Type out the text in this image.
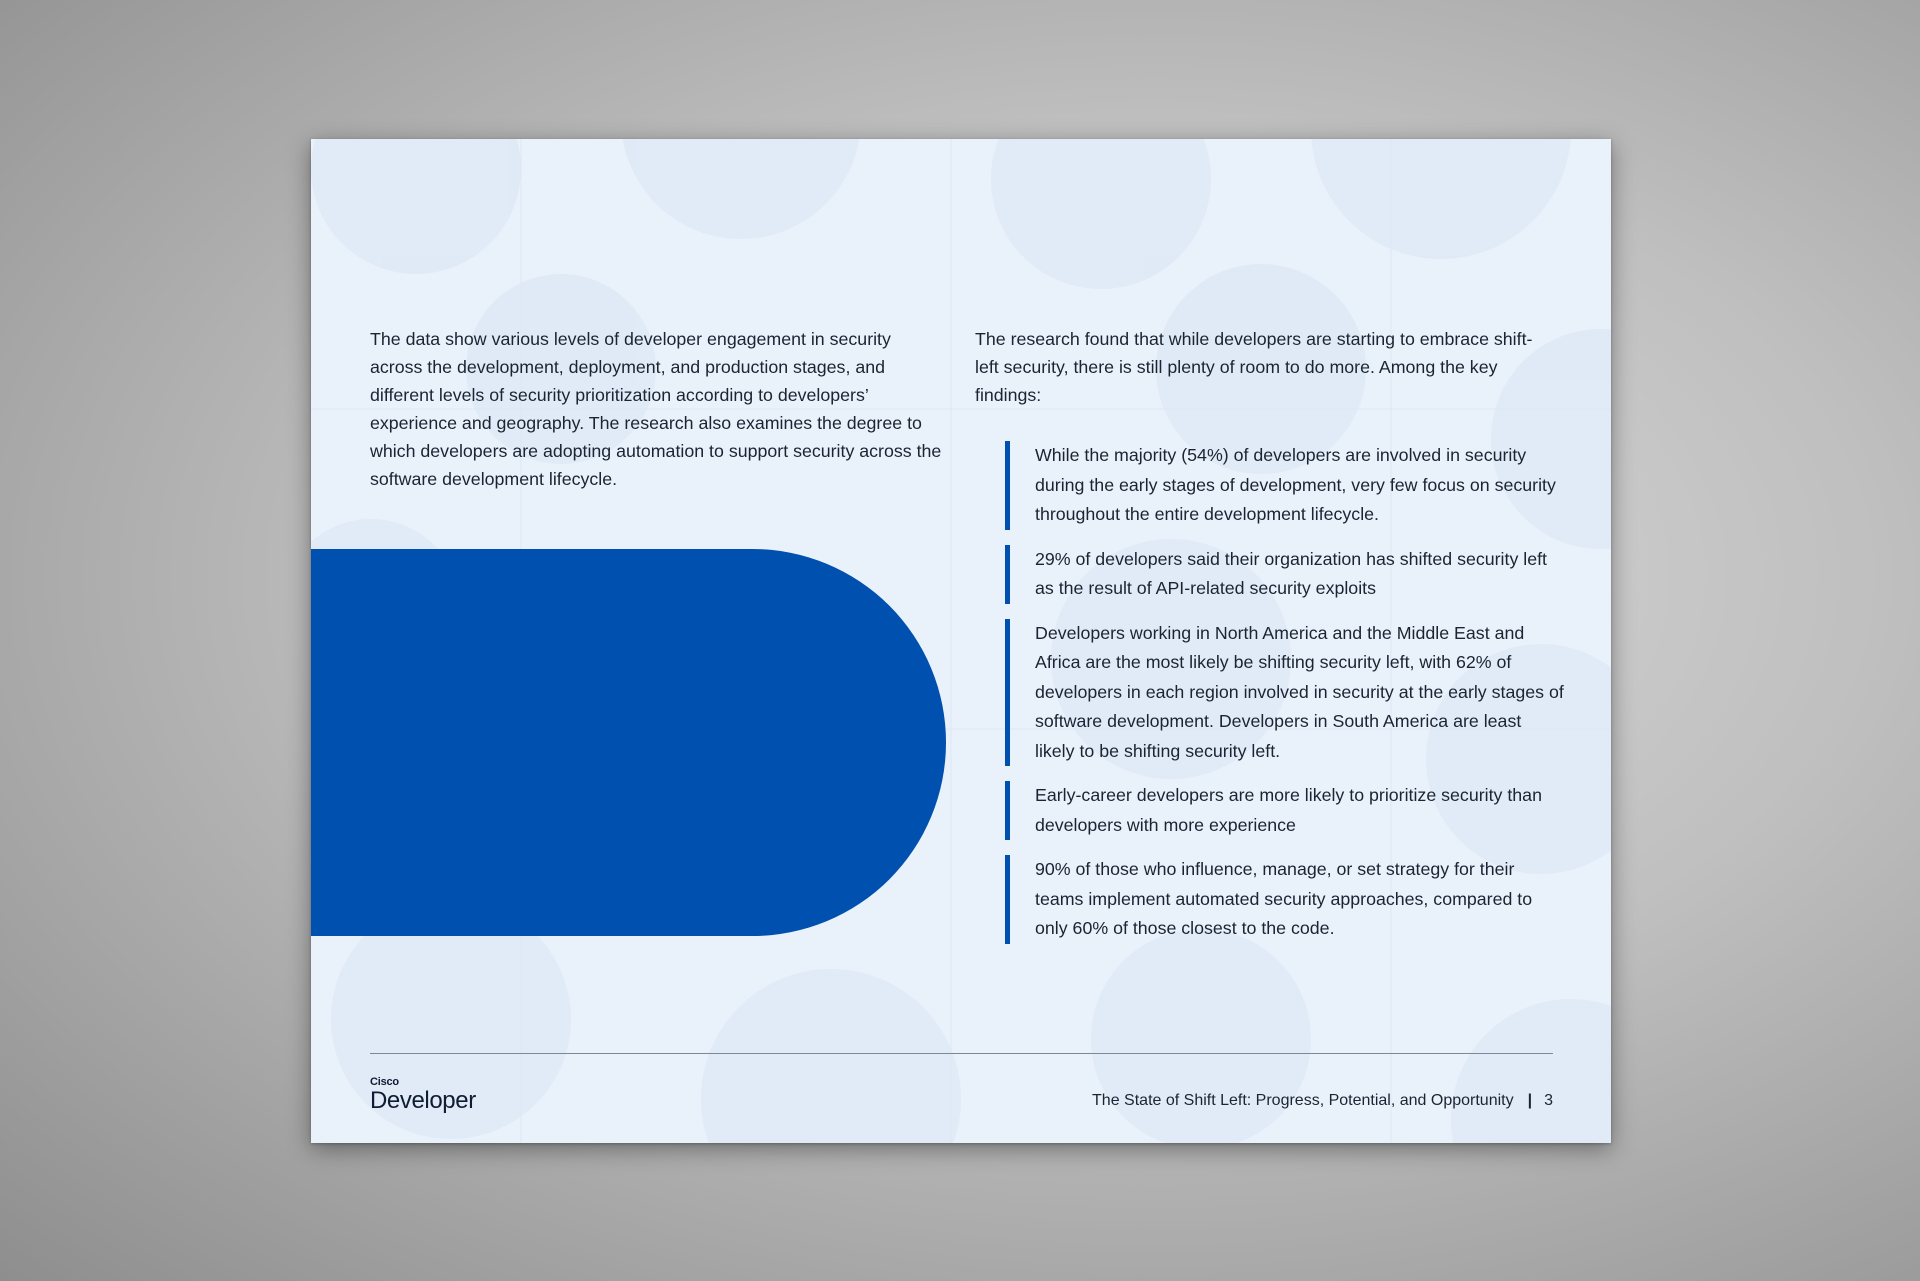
The data show various levels of developer engagement in security across the development, deployment, and production stages, and different levels of security prioritization according to developers’ experience and geography. The research also examines the degree to which developers are adopting automation to support security across the software development lifecycle.

The research found that while developers are starting to embrace shift-left security, there is still plenty of room to do more. Among the key findings:

While the majority (54%) of developers are involved in security during the early stages of development, very few focus on security throughout the entire development lifecycle.
29% of developers said their organization has shifted security left as the result of API-related security exploits
Developers working in North America and the Middle East and Africa are the most likely be shifting security left, with 62% of developers in each region involved in security at the early stages of software development. Developers in South America are least likely to be shifting security left.
Early-career developers are more likely to prioritize security than developers with more experience
90% of those who influence, manage, or set strategy for their teams implement automated security approaches, compared to only 60% of those closest to the code.
Cisco
Developer	The State of Shift Left: Progress, Potential, and Opportunity | 3
